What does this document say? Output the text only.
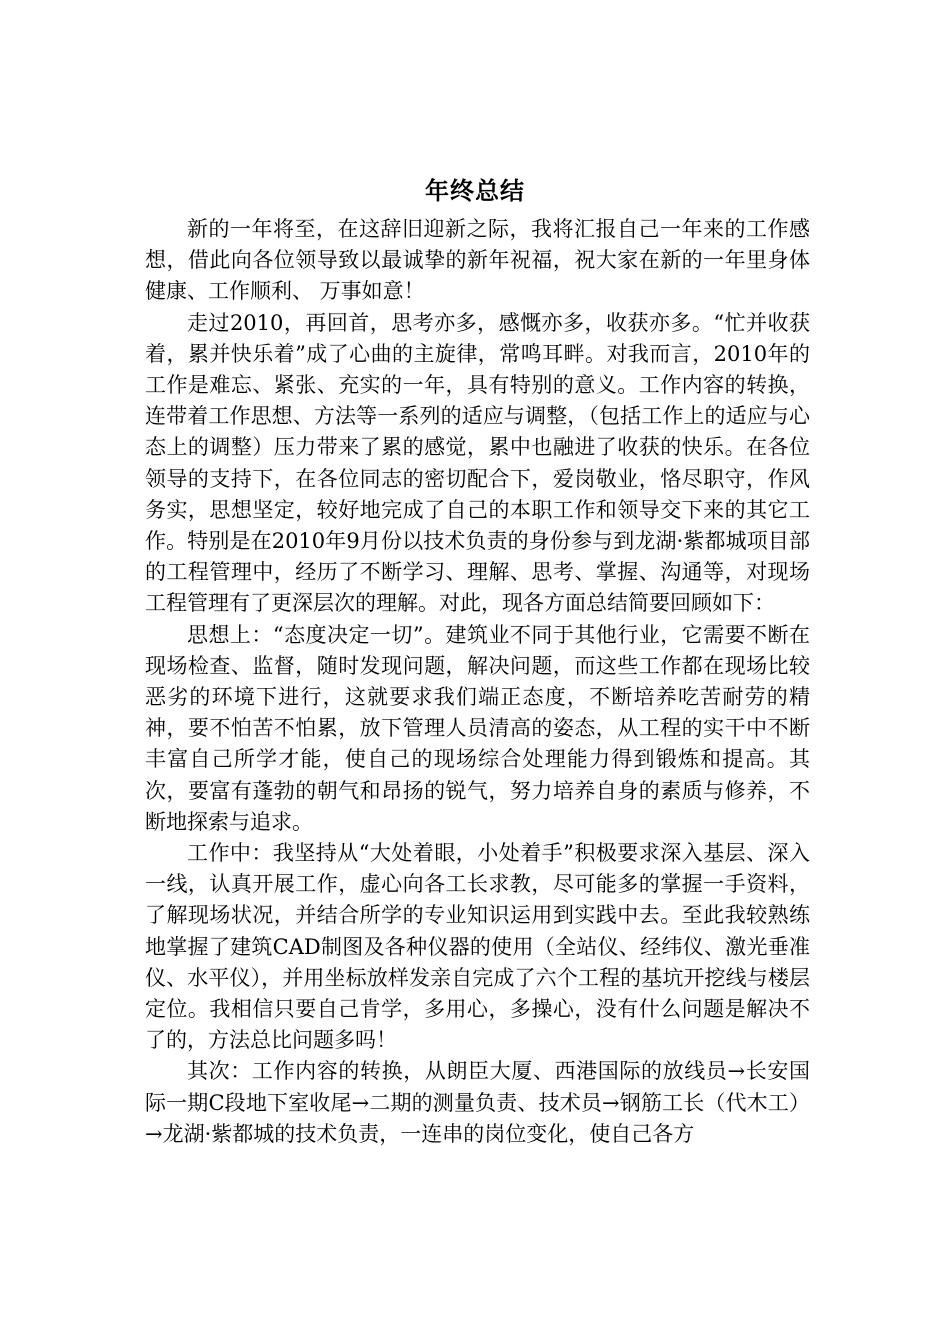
年终总结

新的一年将至，在这辞旧迎新之际，我将汇报自己一年来的工作感想，借此向各位领导致以最诚挚的新年祝福，祝大家在新的一年里身体健康、工作顺利、 万事如意！

走过2010，再回首，思考亦多，感慨亦多，收获亦多。“忙并收获着，累并快乐着”成了心曲的主旋律，常鸣耳畔。对我而言，2010年的工作是难忘、紧张、充实的一年，具有特别的意义。工作内容的转换，连带着工作思想、方法等一系列的适应与调整，（包括工作上的适应与心态上的调整）压力带来了累的感觉，累中也融进了收获的快乐。在各位领导的支持下，在各位同志的密切配合下，爱岗敬业，恪尽职守，作风务实，思想坚定，较好地完成了自己的本职工作和领导交下来的其它工作。特别是在2010年9月份以技术负责的身份参与到龙湖·紫都城项目部的工程管理中，经历了不断学习、理解、思考、掌握、沟通等，对现场工程管理有了更深层次的理解。对此，现各方面总结简要回顾如下：

思想上：“态度决定一切”。建筑业不同于其他行业，它需要不断在现场检查、监督，随时发现问题，解决问题，而这些工作都在现场比较恶劣的环境下进行，这就要求我们端正态度，不断培养吃苦耐劳的精神，要不怕苦不怕累，放下管理人员清高的姿态，从工程的实干中不断丰富自己所学才能，使自己的现场综合处理能力得到锻炼和提高。其次，要富有蓬勃的朝气和昂扬的锐气，努力培养自身的素质与修养，不断地探索与追求。

工作中：我坚持从“大处着眼，小处着手”积极要求深入基层、深入一线，认真开展工作，虚心向各工长求教，尽可能多的掌握一手资料，了解现场状况，并结合所学的专业知识运用到实践中去。至此我较熟练地掌握了建筑CAD制图及各种仪器的使用（全站仪、经纬仪、激光垂准仪、水平仪），并用坐标放样发亲自完成了六个工程的基坑开挖线与楼层定位。我相信只要自己肯学，多用心，多操心，没有什么问题是解决不了的，方法总比问题多吗！

其次：工作内容的转换，从朗臣大厦、西港国际的放线员→长安国际一期C段地下室收尾→二期的测量负责、技术员→钢筋工长（代木工）→龙湖·紫都城的技术负责，一连串的岗位变化，使自己各方
